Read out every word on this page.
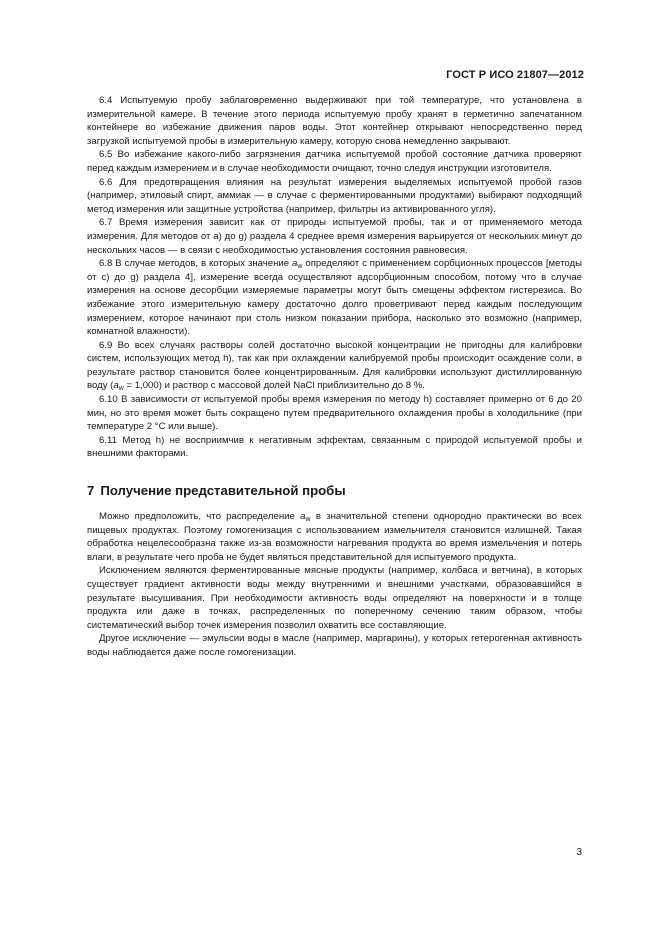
ГОСТ Р ИСО 21807—2012

6.4 Испытуемую пробу заблаговременно выдерживают при той температуре, что установлена в измерительной камере. В течение этого периода испытуемую пробу хранят в герметично запечатанном контейнере во избежание движения паров воды. Этот контейнер открывают непосредственно перед загрузкой испытуемой пробы в измерительную камеру, которую снова немедленно закрывают.

6.5 Во избежание какого-либо загрязнения датчика испытуемой пробой состояние датчика проверяют перед каждым измерением и в случае необходимости очищают, точно следуя инструкции изготовителя.

6.6 Для предотвращения влияния на результат измерения выделяемых испытуемой пробой газов (например, этиловый спирт, аммиак — в случае с ферментированными продуктами) выбирают подходящий метод измерения или защитные устройства (например, фильтры из активированного угля).

6.7 Время измерения зависит как от природы испытуемой пробы, так и от применяемого метода измерения. Для методов от a) до g) раздела 4 среднее время измерения варьируется от нескольких минут до нескольких часов — в связи с необходимостью установления состояния равновесия.

6.8 В случае методов, в которых значение $a_w$ определяют с применением сорбционных процессов [методы от c) до g) раздела 4], измерение всегда осуществляют адсорбционным способом, потому что в случае измерения на основе десорбции измеряемые параметры могут быть смещены эффектом гистерезиса. Во избежание этого измерительную камеру достаточно долго проветривают перед каждым последующим измерением, которое начинают при столь низком показании прибора, насколько это возможно (например, комнатной влажности).

6.9 Во всех случаях растворы солей достаточно высокой концентрации не пригодны для калибровки систем, использующих метод h), так как при охлаждении калибруемой пробы происходит осаждение соли, в результате раствор становится более концентрированным. Для калибровки используют дистиллированную воду $(a_w = 1,000)$ и раствор с массовой долей NaCl приблизительно до 8 %.

6.10 В зависимости от испытуемой пробы время измерения по методу h) составляет примерно от 6 до 20 мин, но это время может быть сокращено путем предварительного охлаждения пробы в холодильнике (при температуре 2 °C или выше).

6.11 Метод h) не восприимчив к негативным эффектам, связанным с природой испытуемой пробы и внешними факторами.

7 Получение представительной пробы

Можно предположить, что распределение $a_w$ в значительной степени однородно практически во всех пищевых продуктах. Поэтому гомогенизация с использованием измельчителя становится излишней. Такая обработка нецелесообразна также из-за возможности нагревания продукта во время измельчения и потерь влаги, в результате чего проба не будет являться представительной для испытуемого продукта.

Исключением являются ферментированные мясные продукты (например, колбаса и ветчина), в которых существует градиент активности воды между внутренними и внешними участками, образовавшийся в результате высушивания. При необходимости активность воды определяют на поверхности и в толще продукта или даже в точках, распределенных по поперечному сечению таким образом, чтобы систематический выбор точек измерения позволил охватить все составляющие.

Другое исключение — эмульсии воды в масле (например, маргарины), у которых гетерогенная активность воды наблюдается даже после гомогенизации.

3
